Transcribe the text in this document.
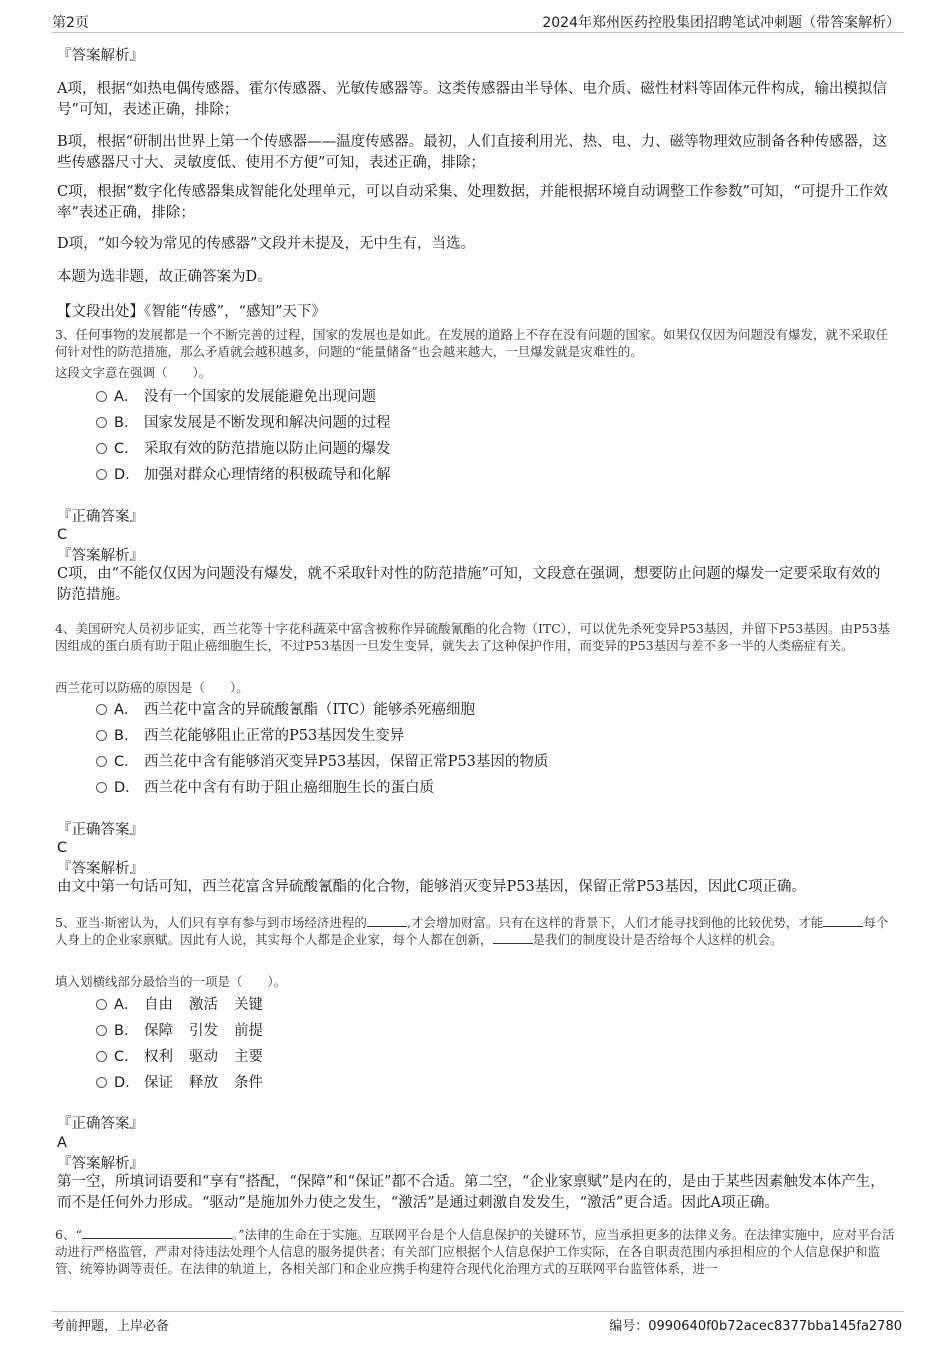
第2页	2024年郑州医药控股集团招聘笔试冲刺题（带答案解析）
『答案解析』
A项，根据“如热电偶传感器、霍尔传感器、光敏传感器等。这类传感器由半导体、电介质、磁性材料等固体元件构成，输出模拟信号”可知，表述正确，排除；
B项，根据“研制出世界上第一个传感器——温度传感器。最初，人们直接利用光、热、电、力、磁等物理效应制备各种传感器，这些传感器尺寸大、灵敏度低、使用不方便”可知，表述正确，排除；
C项，根据“数字化传感器集成智能化处理单元，可以自动采集、处理数据，并能根据环境自动调整工作参数”可知，“可提升工作效率”表述正确，排除；
D项，“如今较为常见的传感器”文段并未提及，无中生有，当选。
本题为选非题，故正确答案为D。
【文段出处】《智能“传感”，“感知”天下》
3、任何事物的发展都是一个不断完善的过程，国家的发展也是如此。在发展的道路上不存在没有问题的国家。如果仅仅因为问题没有爆发，就不采取任何针对性的防范措施，那么矛盾就会越积越多，问题的“能量储备”也会越来越大，一旦爆发就是灾难性的。
这段文字意在强调（　　）。
A． 没有一个国家的发展能避免出现问题
B． 国家发展是不断发现和解决问题的过程
C． 采取有效的防范措施以防止问题的爆发
D． 加强对群众心理情绪的积极疏导和化解
『正确答案』
C
『答案解析』
C项，由“不能仅仅因为问题没有爆发，就不采取针对性的防范措施”可知，文段意在强调，想要防止问题的爆发一定要采取有效的防范措施。
4、美国研究人员初步证实，西兰花等十字花科蔬菜中富含被称作异硫酸氰酯的化合物（ITC），可以优先杀死变异P53基因，并留下P53基因。由P53基因组成的蛋白质有助于阻止癌细胞生长，不过P53基因一旦发生变异，就失去了这种保护作用，而变异的P53基因与差不多一半的人类癌症有关。
西兰花可以防癌的原因是（　　）。
A． 西兰花中富含的异硫酸氰酯（ITC）能够杀死癌细胞
B． 西兰花能够阻止正常的P53基因发生变异
C． 西兰花中含有能够消灭变异P53基因，保留正常P53基因的物质
D． 西兰花中含有有助于阻止癌细胞生长的蛋白质
『正确答案』
C
『答案解析』
由文中第一句话可知，西兰花富含异硫酸氰酯的化合物，能够消灭变异P53基因，保留正常P53基因，因此C项正确。
5、亚当·斯密认为，人们只有享有参与到市场经济进程的	,才会增加财富。只有在这样的背景下，人们才能寻找到他的比较优势，才能	每个人身上的企业家禀赋。因此有人说，其实每个人都是企业家，每个人都在创新，	是我们的制度设计是否给每个人这样的机会。
填入划横线部分最恰当的一项是（　　）。
A． 自由 激活 关键
B． 保障 引发 前提
C． 权利 驱动 主要
D． 保证 释放 条件
『正确答案』
A
『答案解析』
第一空，所填词语要和“享有”搭配，“保障”和“保证”都不合适。第二空，“企业家禀赋”是内在的，是由于某些因素触发本体产生，而不是任何外力形成。“驱动”是施加外力使之发生，“激活”是通过刺激自发发生，“激活”更合适。因此A项正确。
6、“	。”法律的生命在于实施。互联网平台是个人信息保护的关键环节，应当承担更多的法律义务。在法律实施中，应对平台活动进行严格监管，严肃对待违法处理个人信息的服务提供者；有关部门应根据个人信息保护工作实际，在各自职责范围内承担相应的个人信息保护和监管、统筹协调等责任。在法律的轨道上，各相关部门和企业应携手构建符合现代化治理方式的互联网平台监管体系，进一
考前押题，上岸必备	编号：0990640f0b72acec8377bba145fa2780
